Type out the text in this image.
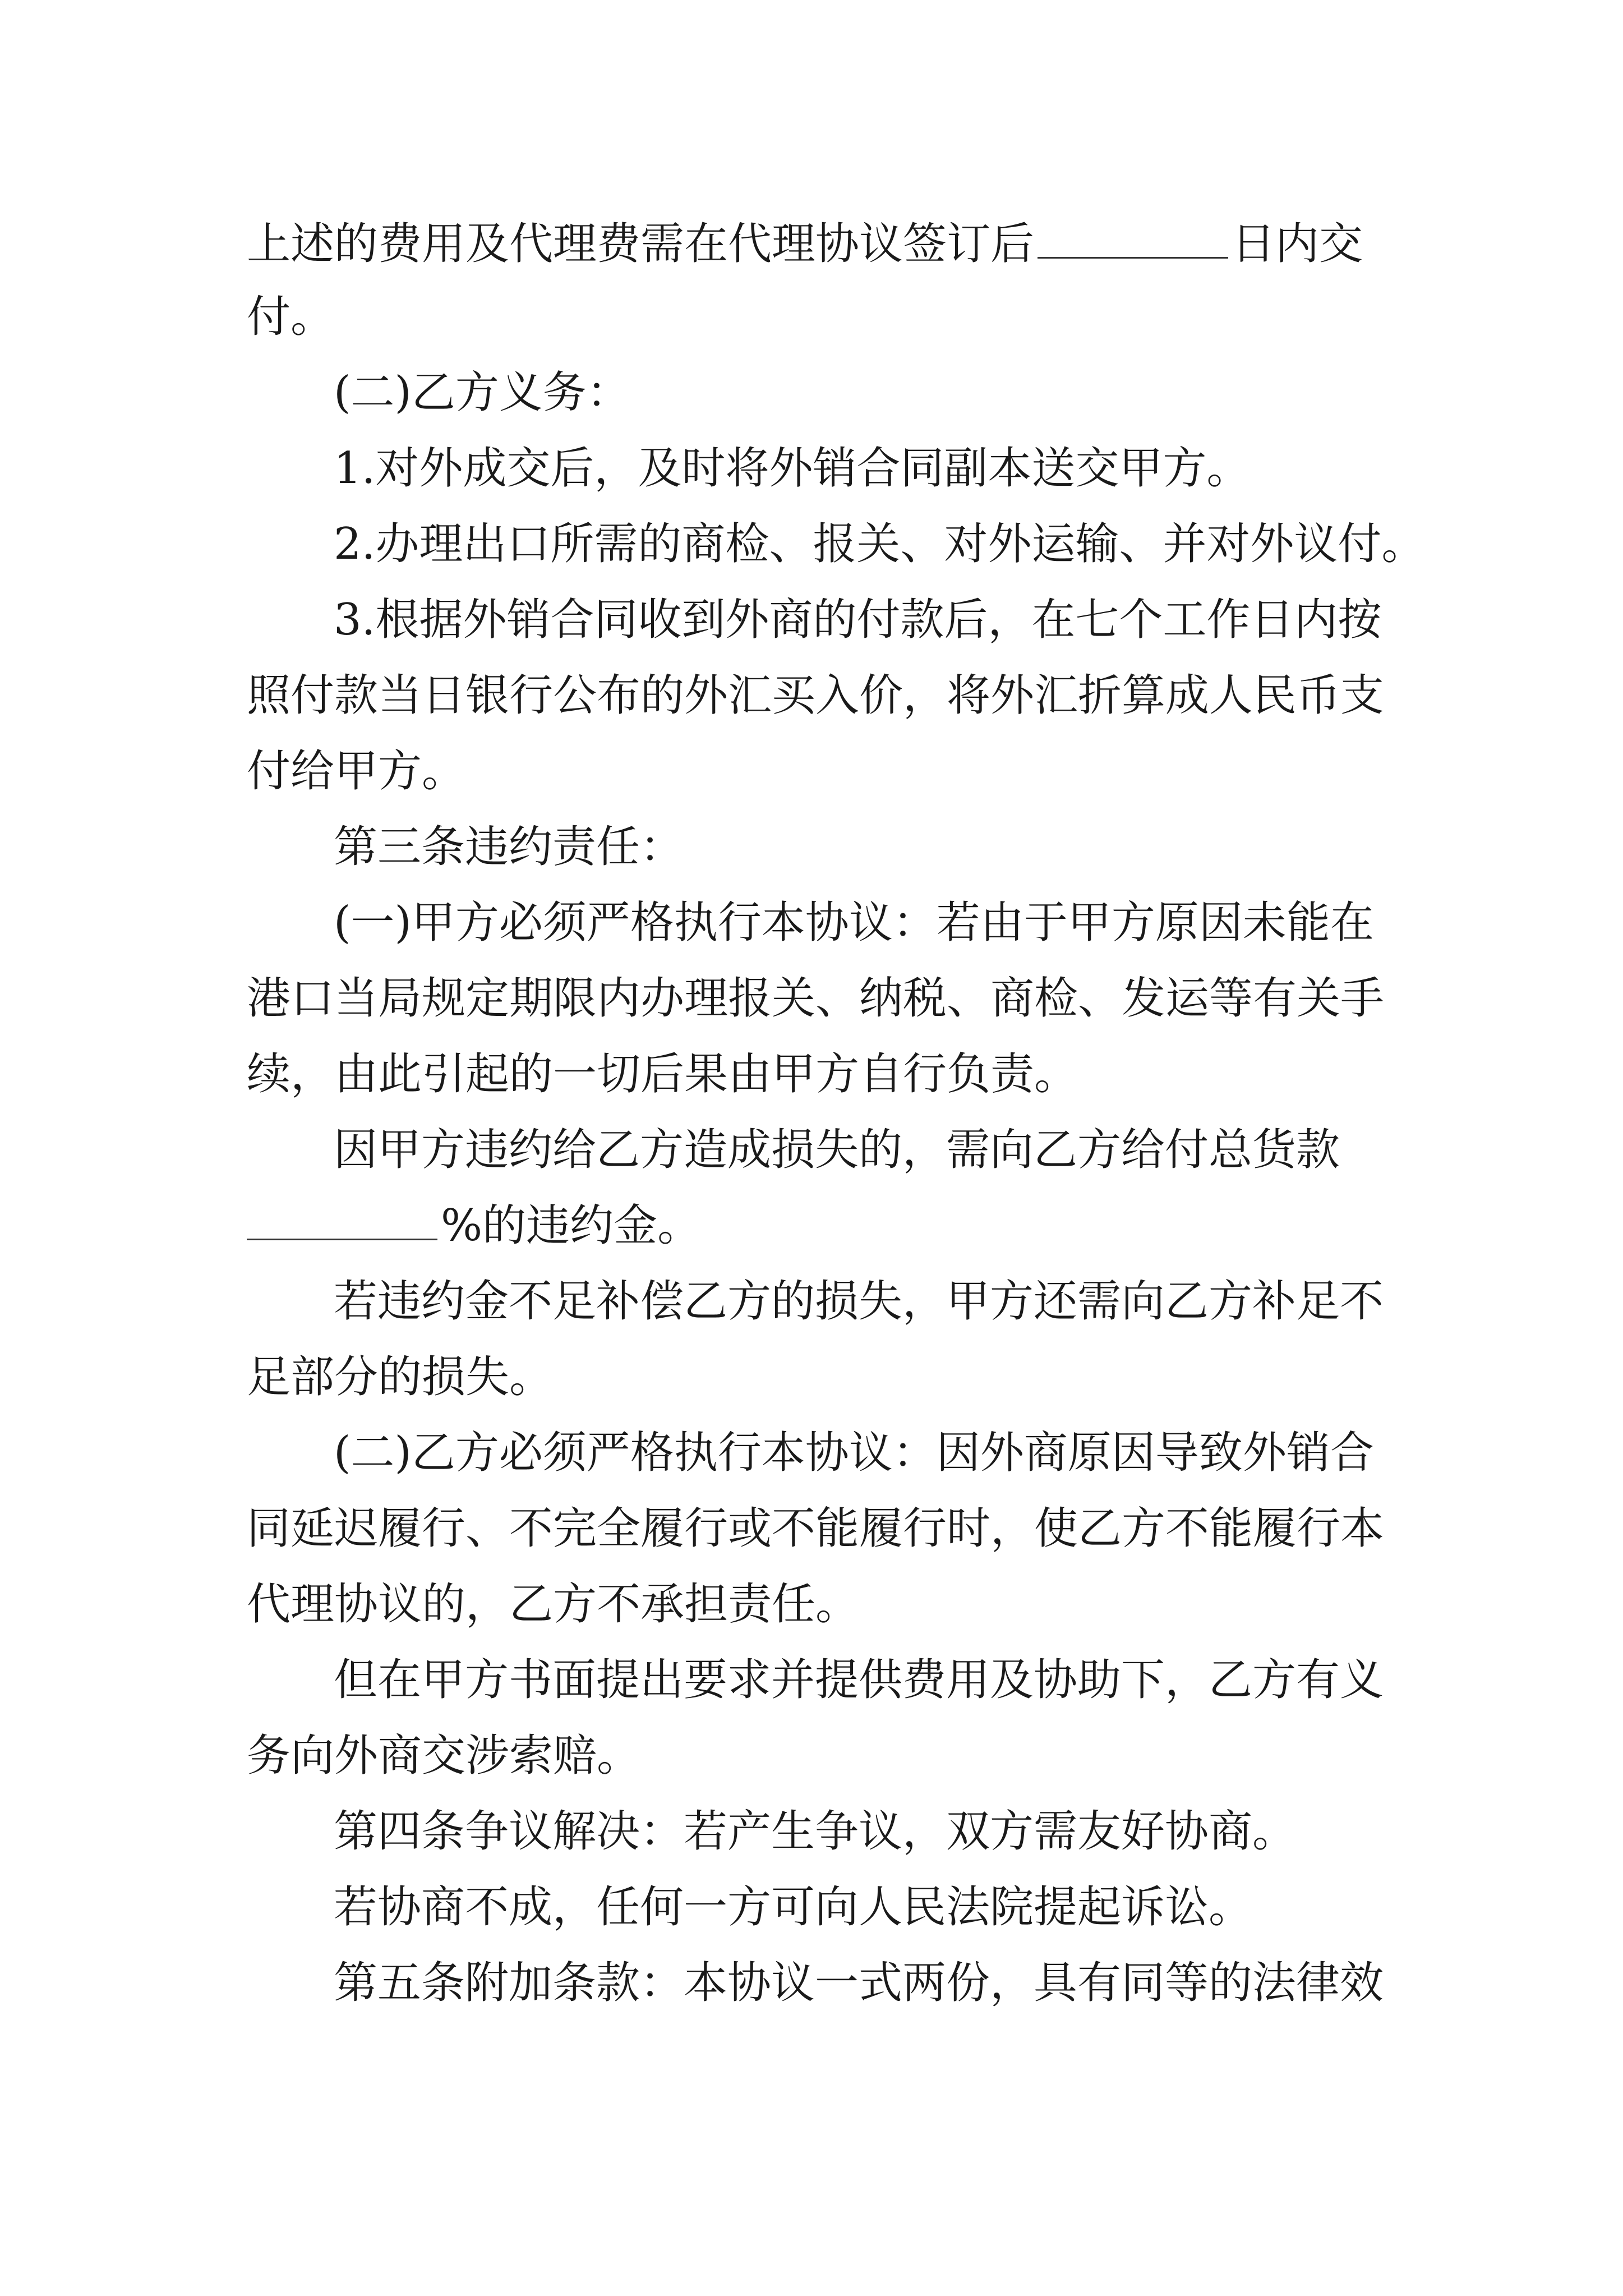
上述的费用及代理费需在代理协议签订后	日内交

付。

(二)乙方义务：

1.对外成交后，及时将外销合同副本送交甲方。

2.办理出口所需的商检、报关、对外运输、并对外议付。

3.根据外销合同收到外商的付款后，在七个工作日内按

照付款当日银行公布的外汇买入价，将外汇折算成人民币支

付给甲方。

第三条违约责任：

(一)甲方必须严格执行本协议：若由于甲方原因未能在

港口当局规定期限内办理报关、纳税、商检、发运等有关手

续，由此引起的一切后果由甲方自行负责。

因甲方违约给乙方造成损失的，需向乙方给付总货款

%的违约金。

若违约金不足补偿乙方的损失，甲方还需向乙方补足不

足部分的损失。

(二)乙方必须严格执行本协议：因外商原因导致外销合

同延迟履行、不完全履行或不能履行时，使乙方不能履行本

代理协议的，乙方不承担责任。

但在甲方书面提出要求并提供费用及协助下，乙方有义

务向外商交涉索赔。

第四条争议解决：若产生争议，双方需友好协商。

若协商不成，任何一方可向人民法院提起诉讼。

第五条附加条款：本协议一式两份，具有同等的法律效
